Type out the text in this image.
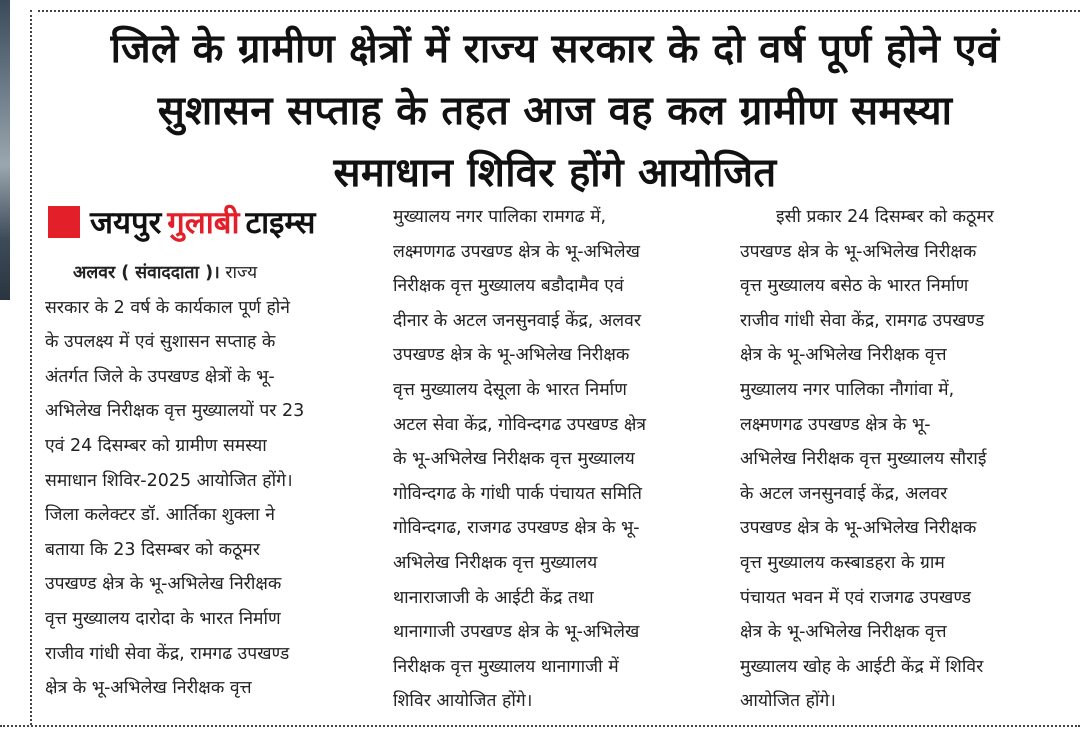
जिले के ग्रामीण क्षेत्रों में राज्य सरकार के दो वर्ष पूर्ण होने एवं
सुशासन सप्ताह के तहत आज वह कल ग्रामीण समस्या
समाधान शिविर होंगे आयोजित
जयपुर गुलाबी टाइम्स
अलवर ( संवाददाता )। राज्य
सरकार के 2 वर्ष के कार्यकाल पूर्ण होने
के उपलक्ष्य में एवं सुशासन सप्ताह के
अंतर्गत जिले के उपखण्ड क्षेत्रों के भू-
अभिलेख निरीक्षक वृत्त मुख्यालयों पर 23
एवं 24 दिसम्बर को ग्रामीण समस्या
समाधान शिविर-2025 आयोजित होंगे।
जिला कलेक्टर डॉ. आर्तिका शुक्ला ने
बताया कि 23 दिसम्बर को कठूमर
उपखण्ड क्षेत्र के भू-अभिलेख निरीक्षक
वृत्त मुख्यालय दारोदा के भारत निर्माण
राजीव गांधी सेवा केंद्र, रामगढ उपखण्ड
क्षेत्र के भू-अभिलेख निरीक्षक वृत्त
मुख्यालय नगर पालिका रामगढ में,
लक्ष्मणगढ उपखण्ड क्षेत्र के भू-अभिलेख
निरीक्षक वृत्त मुख्यालय बडौदामैव एवं
दीनार के अटल जनसुनवाई केंद्र, अलवर
उपखण्ड क्षेत्र के भू-अभिलेख निरीक्षक
वृत्त मुख्यालय देसूला के भारत निर्माण
अटल सेवा केंद्र, गोविन्दगढ उपखण्ड क्षेत्र
के भू-अभिलेख निरीक्षक वृत्त मुख्यालय
गोविन्दगढ के गांधी पार्क पंचायत समिति
गोविन्दगढ, राजगढ उपखण्ड क्षेत्र के भू-
अभिलेख निरीक्षक वृत्त मुख्यालय
थानाराजाजी के आईटी केंद्र तथा
थानागाजी उपखण्ड क्षेत्र के भू-अभिलेख
निरीक्षक वृत्त मुख्यालय थानागाजी में
शिविर आयोजित होंगे।
इसी प्रकार 24 दिसम्बर को कठूमर
उपखण्ड क्षेत्र के भू-अभिलेख निरीक्षक
वृत्त मुख्यालय बसेठ के भारत निर्माण
राजीव गांधी सेवा केंद्र, रामगढ उपखण्ड
क्षेत्र के भू-अभिलेख निरीक्षक वृत्त
मुख्यालय नगर पालिका नौगांवा में,
लक्ष्मणगढ उपखण्ड क्षेत्र के भू-
अभिलेख निरीक्षक वृत्त मुख्यालय सौराई
के अटल जनसुनवाई केंद्र, अलवर
उपखण्ड क्षेत्र के भू-अभिलेख निरीक्षक
वृत्त मुख्यालय कस्बाडहरा के ग्राम
पंचायत भवन में एवं राजगढ उपखण्ड
क्षेत्र के भू-अभिलेख निरीक्षक वृत्त
मुख्यालय खोह के आईटी केंद्र में शिविर
आयोजित होंगे।
